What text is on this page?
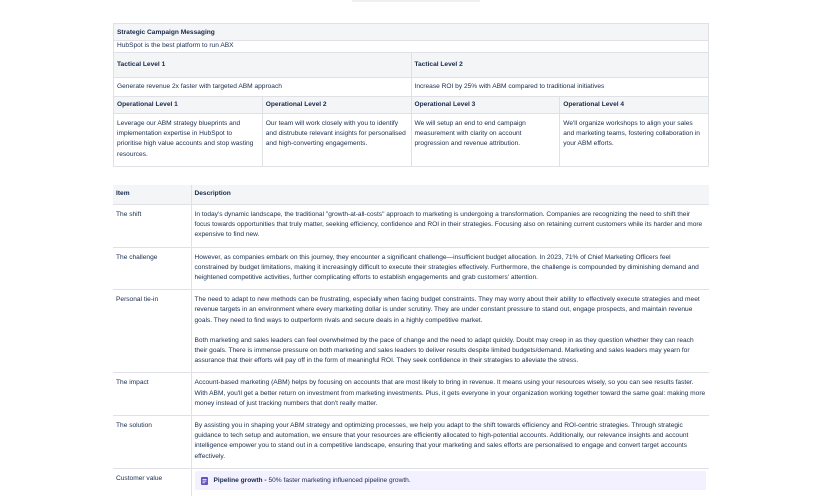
Strategic Campaign Messaging			
HubSpot is the best platform to run ABX			
Tactical Level 1		Tactical Level 2	
Generate revenue 2x faster with targeted ABM approach		Increase ROI by 25% with ABM compared to traditional initiatives	
Operational Level 1	Operational Level 2	Operational Level 3	Operational Level 4
Leverage our ABM strategy blueprints and implementation expertise in HubSpot to prioritise high value accounts and stop wasting resources.	Our team will work closely with you to identify and distrubute relevant insights for personalised and high-converting engagements.	We will setup an end to end campaign measurement with clarity on account progression and revenue attribution.	We'll organize workshops to align your sales and marketing teams, fostering collaboration in your ABM efforts.
Item	Description
The shift	In today's dynamic landscape, the traditional "growth-at-all-costs" approach to marketing is undergoing a transformation. Companies are recognizing the need to shift their focus towards opportunities that truly matter, seeking efficiency, confidence and ROI in their strategies. Focusing also on retaining current customers while its harder and more expensive to find new.

The challenge	However, as companies embark on this journey, they encounter a significant challenge—insufficient budget allocation. In 2023, 71% of Chief Marketing Officers feel constrained by budget limitations, making it increasingly difficult to execute their strategies effectively. Furthermore, the challenge is compounded by diminishing demand and heightened competitive activities, further complicating efforts to establish engagements and grab customers' attention.

Personal tie-in	The need to adapt to new methods can be frustrating, especially when facing budget constraints. They may worry about their ability to effectively execute strategies and meet revenue targets in an environment where every marketing dollar is under scrutiny. They are under constant pressure to stand out, engage prospects, and maintain revenue goals. They need to find ways to outperform rivals and secure deals in a highly competitive market.
Both marketing and sales leaders can feel overwhelmed by the pace of change and the need to adapt quickly. Doubt may creep in as they question whether they can reach their goals. There is immense pressure on both marketing and sales leaders to deliver results despite limited budgets/demand. Marketing and sales leaders may yearn for assurance that their efforts will pay off in the form of meaningful ROI. They seek confidence in their strategies to alleviate the stress.

The impact	Account-based marketing (ABM) helps by focusing on accounts that are most likely to bring in revenue. It means using your resources wisely, so you can see results faster. With ABM, you'll get a better return on investment from marketing investments. Plus, it gets everyone in your organization working together toward the same goal: making more money instead of just tracking numbers that don't really matter.

The solution	By assisting you in shaping your ABM strategy and optimizing processes, we help you adapt to the shift towards efficiency and ROI-centric strategies. Through strategic guidance to tech setup and automation, we ensure that your resources are efficiently allocated to high-potential accounts. Additionally, our relevance insights and account intelligence empower you to stand out in a competitive landscape, ensuring that your marketing and sales efforts are personalised to engage and convert target accounts effectively.

Customer value	Pipeline growth - 50% faster marketing influenced pipeline growth.
